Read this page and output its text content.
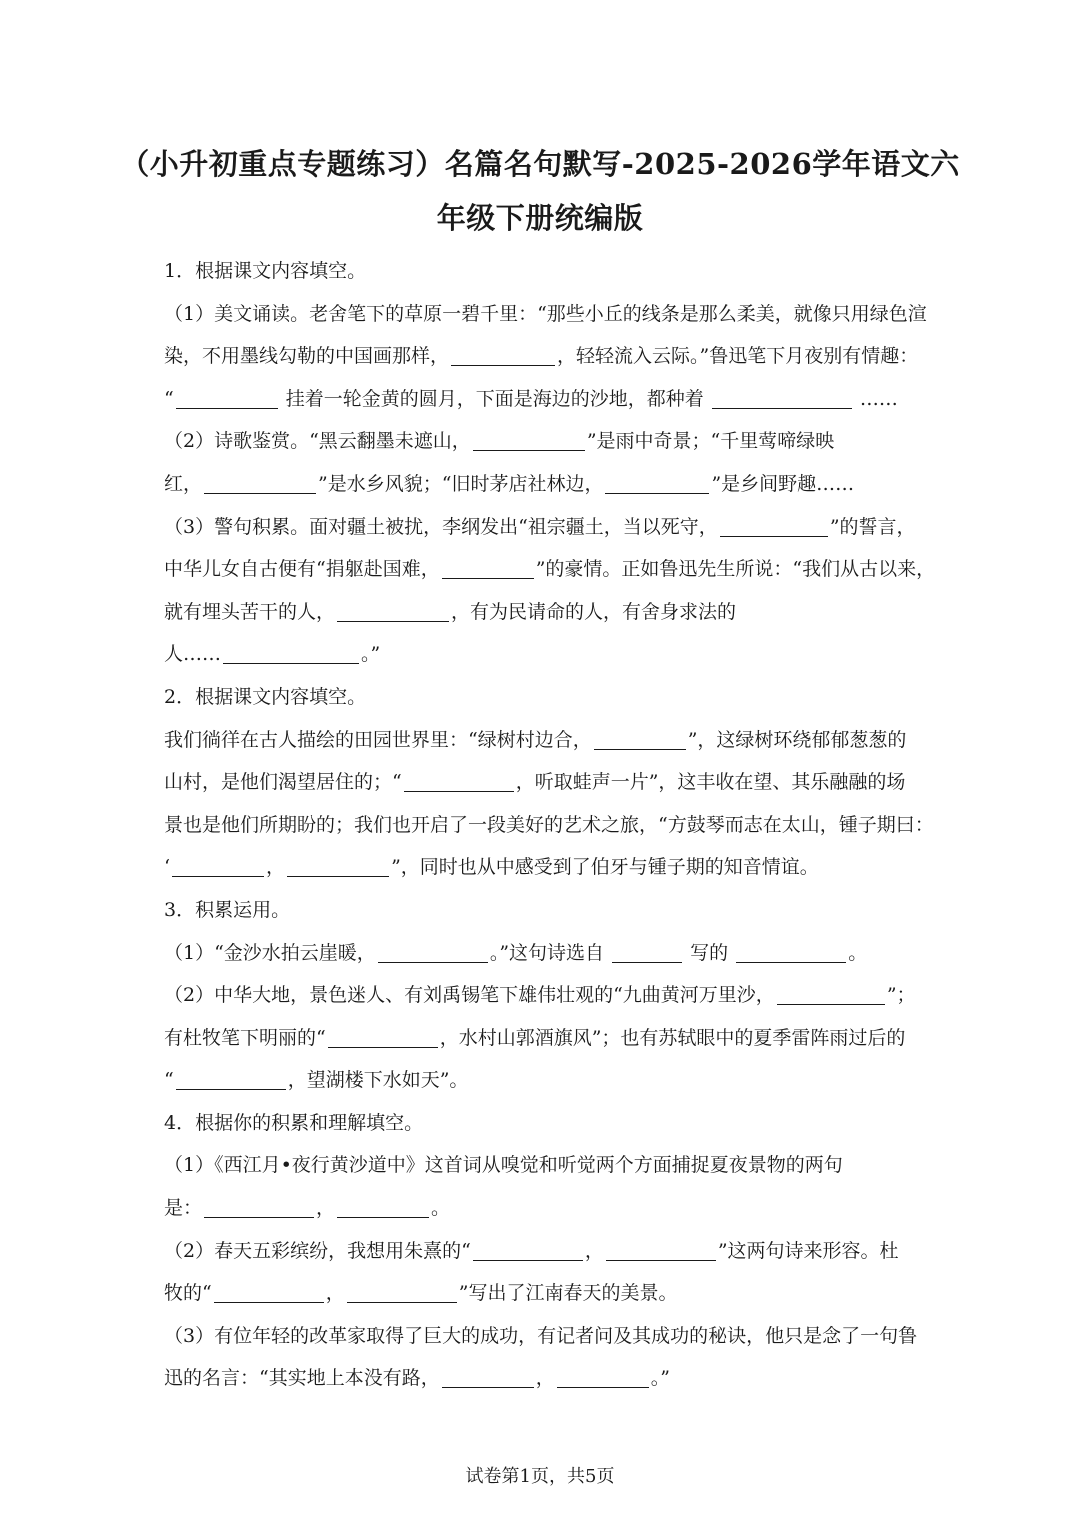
（小升初重点专题练习）名篇名句默写-2025-2026学年语文六
年级下册统编版
1．根据课文内容填空。
（1）美文诵读。老舍笔下的草原一碧千里：“那些小丘的线条是那么柔美，就像只用绿色渲
染，不用墨线勾勒的中国画那样，	，轻轻流入云际。”鲁迅笔下月夜别有情趣：
“	挂着一轮金黄的圆月，下面是海边的沙地，都种着	……
（2）诗歌鉴赏。“黑云翻墨未遮山，	”是雨中奇景；“千里莺啼绿映
红，	”是水乡风貌；“旧时茅店社林边，	”是乡间野趣……
（3）警句积累。面对疆土被扰，李纲发出“祖宗疆土，当以死守，	”的誓言，
中华儿女自古便有“捐躯赴国难，	”的豪情。正如鲁迅先生所说：“我们从古以来，
就有埋头苦干的人，	，有为民请命的人，有舍身求法的
人……	。”
2．根据课文内容填空。
我们徜徉在古人描绘的田园世界里：“绿树村边合，	”，这绿树环绕郁郁葱葱的
山村，是他们渴望居住的；“	，听取蛙声一片”，这丰收在望、其乐融融的场
景也是他们所期盼的；我们也开启了一段美好的艺术之旅，“方鼓琴而志在太山，锺子期曰：
‘	，	”，同时也从中感受到了伯牙与锺子期的知音情谊。
3．积累运用。
（1）“金沙水拍云崖暖，	。”这句诗选自	写的	。
（2）中华大地，景色迷人、有刘禹锡笔下雄伟壮观的“九曲黄河万里沙，	”；
有杜牧笔下明丽的“	，水村山郭酒旗风”；也有苏轼眼中的夏季雷阵雨过后的
“	，望湖楼下水如天”。
4．根据你的积累和理解填空。
（1）《西江月•夜行黄沙道中》这首词从嗅觉和听觉两个方面捕捉夏夜景物的两句
是：	，	。
（2）春天五彩缤纷，我想用朱熹的“	，	”这两句诗来形容。杜
牧的“	，	”写出了江南春天的美景。
（3）有位年轻的改革家取得了巨大的成功，有记者问及其成功的秘诀，他只是念了一句鲁
迅的名言：“其实地上本没有路，	，	。”
试卷第1页，共5页
